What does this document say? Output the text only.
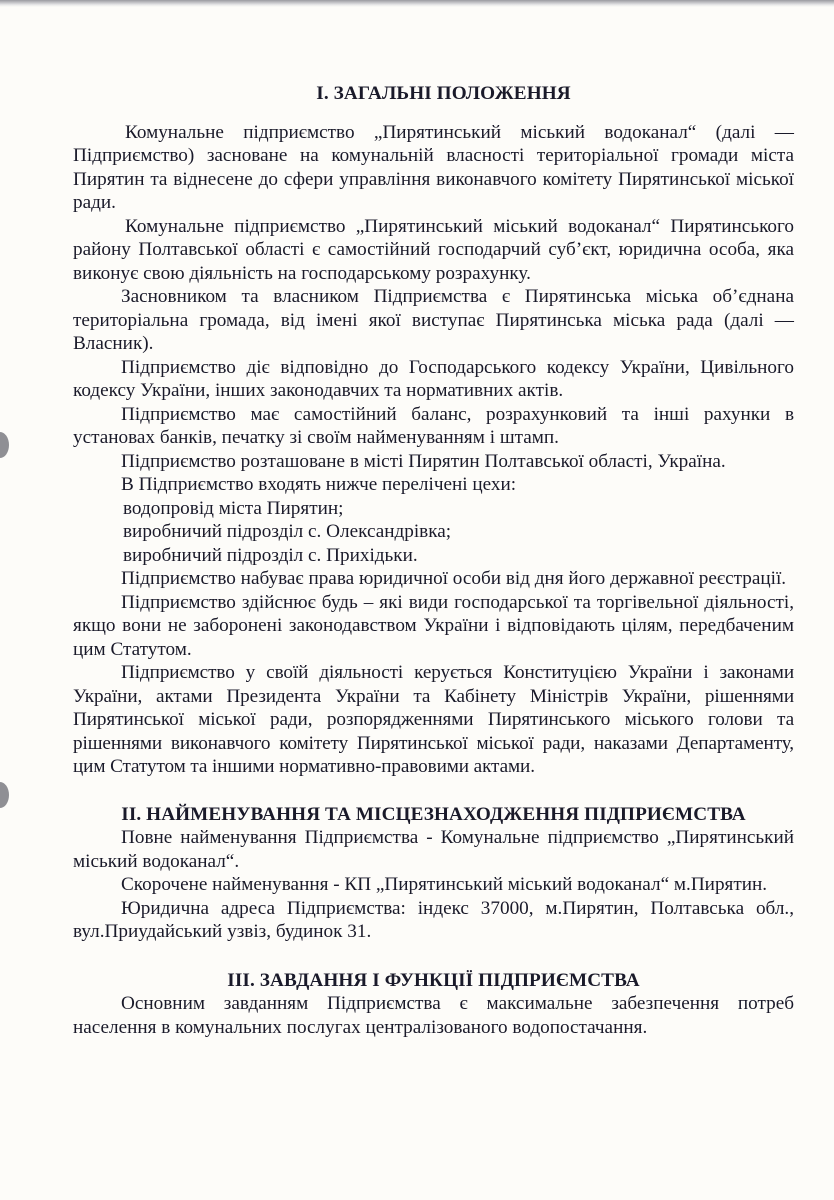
І. ЗАГАЛЬНІ ПОЛОЖЕННЯ

Комунальне підприємство „Пирятинський міський водоканал“ (далі — Підприємство) засноване на комунальній власності територіальної громади міста Пирятин та віднесене до сфери управління виконавчого комітету Пирятинської міської ради.

Комунальне підприємство „Пирятинський міський водоканал“ Пирятинського району Полтавської області є самостійний господарчий суб’єкт, юридична особа, яка виконує свою діяльність на господарському розрахунку.

Засновником та власником Підприємства є Пирятинська міська об’єднана територіальна громада, від імені якої виступає Пирятинська міська рада (далі — Власник).

Підприємство діє відповідно до Господарського кодексу України, Цивільного кодексу України, інших законодавчих та нормативних актів.

Підприємство має самостійний баланс, розрахунковий та інші рахунки в установах банків, печатку зі своїм найменуванням і штамп.

Підприємство розташоване в місті Пирятин Полтавської області, Україна.

В Підприємство входять нижче перелічені цехи:

водопровід міста Пирятин;

виробничий підрозділ с. Олександрівка;

виробничий підрозділ с. Прихідьки.

Підприємство набуває права юридичної особи від дня його державної реєстрації.

Підприємство здійснює будь – які види господарської та торгівельної діяльності, якщо вони не заборонені законодавством України і відповідають цілям, передбаченим цим Статутом.

Підприємство у своїй діяльності керується Конституцією України і законами України, актами Президента України та Кабінету Міністрів України, рішеннями Пирятинської міської ради, розпорядженнями Пирятинського міського голови та рішеннями виконавчого комітету Пирятинської міської ради, наказами Департаменту, цим Статутом та іншими нормативно-правовими актами.

ІІ. НАЙМЕНУВАННЯ ТА МІСЦЕЗНАХОДЖЕННЯ ПІДПРИЄМСТВА

Повне найменування Підприємства - Комунальне підприємство „Пирятинський міський водоканал“.

Скорочене найменування - КП „Пирятинський міський водоканал“ м.Пирятин.

Юридична адреса Підприємства: індекс 37000, м.Пирятин, Полтавська обл., вул.Приудайський узвіз, будинок 31.

ІІІ. ЗАВДАННЯ І ФУНКЦІЇ ПІДПРИЄМСТВА

Основним завданням Підприємства є максимальне забезпечення потреб населення в комунальних послугах централізованого водопостачання.
